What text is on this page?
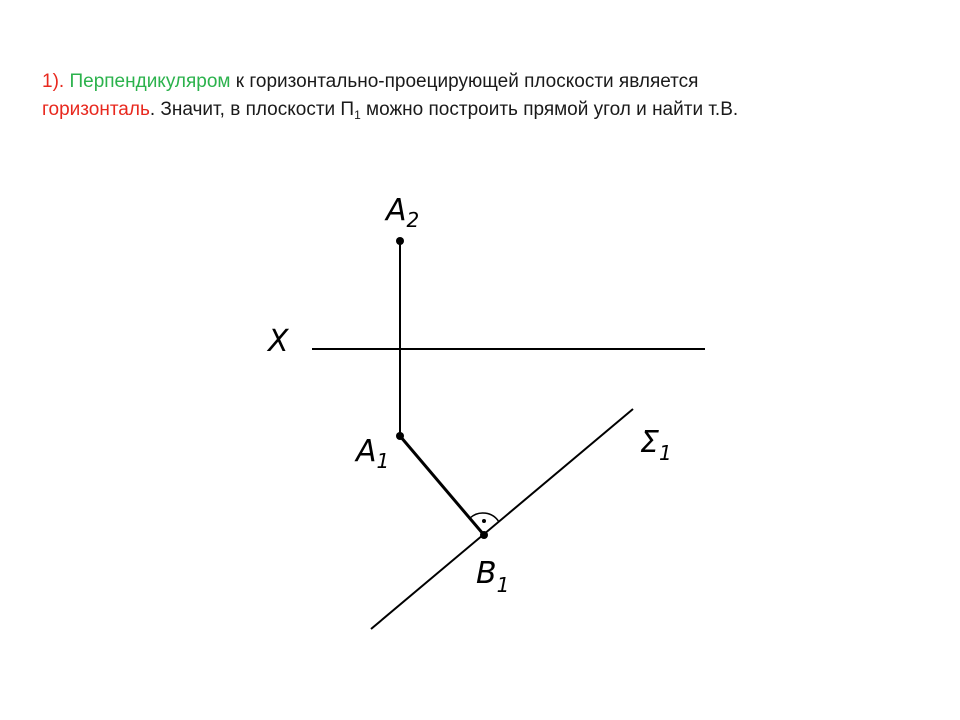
1). Перпендикуляром к горизонтально-проецирующей плоскости является
горизонталь. Значит, в плоскости $П_1$ можно построить прямой угол и найти т.В.
$A_2$
X
$A_1$
$\Sigma_1$
$B_1$
